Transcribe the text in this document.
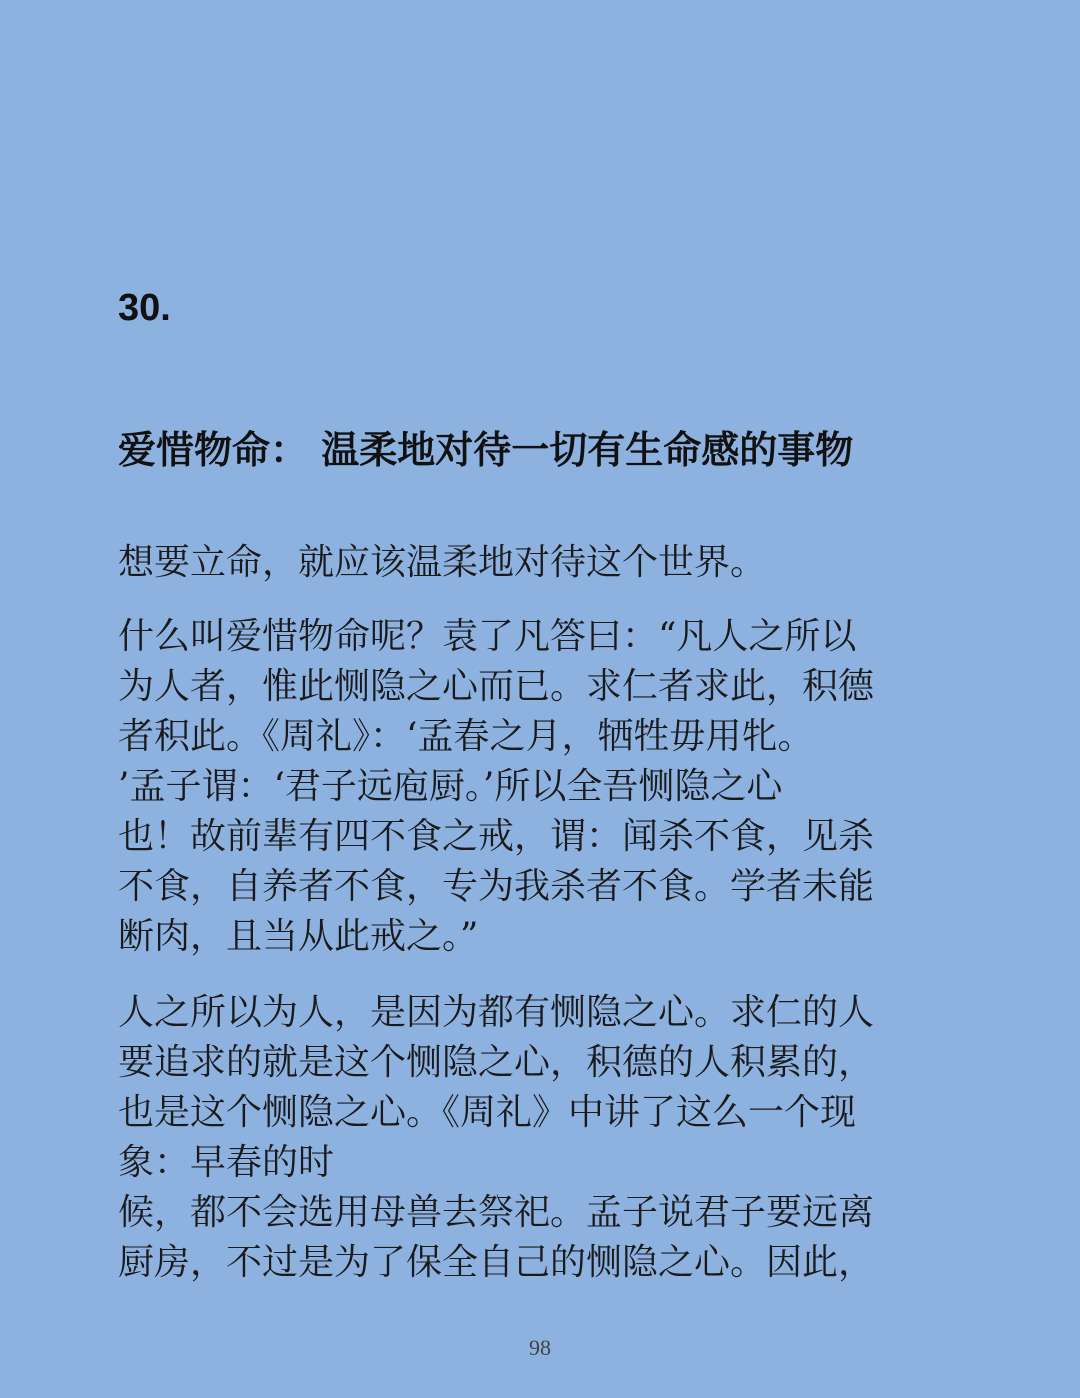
30.
爱惜物命： 温柔地对待一切有生命感的事物
想要立命，就应该温柔地对待这个世界。
什么叫爱惜物命呢？袁了凡答曰：“凡人之所以
为人者，惟此恻隐之心而已。求仁者求此，积德
者积此。《周礼》：‘孟春之月，牺牲毋用牝。
’孟子谓：‘君子远庖厨。’所以全吾恻隐之心
也！故前辈有四不食之戒，谓：闻杀不食，见杀
不食，自养者不食，专为我杀者不食。学者未能
断肉，且当从此戒之。”
人之所以为人，是因为都有恻隐之心。求仁的人
要追求的就是这个恻隐之心，积德的人积累的，
也是这个恻隐之心。《周礼》中讲了这么一个现
象：早春的时
候，都不会选用母兽去祭祀。孟子说君子要远离
厨房，不过是为了保全自己的恻隐之心。因此，
98
